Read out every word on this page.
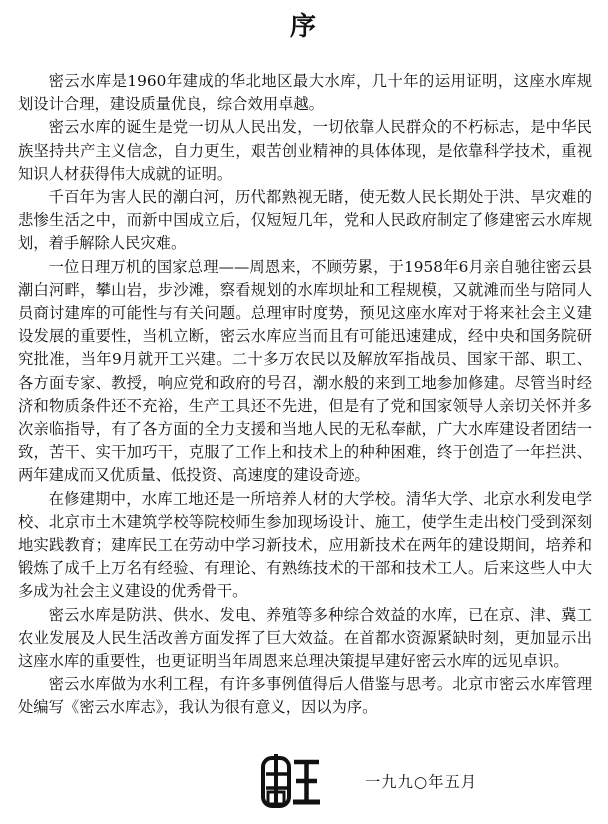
序

密云水库是1960年建成的华北地区最大水库，几十年的运用证明，这座水库规划设计合理，建设质量优良，综合效用卓越。

密云水库的诞生是党一切从人民出发，一切依靠人民群众的不朽标志，是中华民族坚持共产主义信念，自力更生，艰苦创业精神的具体体现，是依靠科学技术，重视知识人材获得伟大成就的证明。

千百年为害人民的潮白河，历代都熟视无睹，使无数人民长期处于洪、旱灾难的悲惨生活之中，而新中国成立后，仅短短几年，党和人民政府制定了修建密云水库规划，着手解除人民灾难。

一位日理万机的国家总理——周恩来，不顾劳累，于1958年6月亲自驰往密云县潮白河畔，攀山岩，步沙滩，察看规划的水库坝址和工程规模，又就滩而坐与陪同人员商讨建库的可能性与有关问题。总理审时度势，预见这座水库对于将来社会主义建设发展的重要性，当机立断，密云水库应当而且有可能迅速建成，经中央和国务院研究批准，当年9月就开工兴建。二十多万农民以及解放军指战员、国家干部、职工、各方面专家、教授，响应党和政府的号召，潮水般的来到工地参加修建。尽管当时经济和物质条件还不充裕，生产工具还不先进，但是有了党和国家领导人亲切关怀并多次亲临指导，有了各方面的全力支援和当地人民的无私奉献，广大水库建设者团结一致，苦干、实干加巧干，克服了工作上和技术上的种种困难，终于创造了一年拦洪、两年建成而又优质量、低投资、高速度的建设奇迹。

在修建期中，水库工地还是一所培养人材的大学校。清华大学、北京水利发电学校、北京市土木建筑学校等院校师生参加现场设计、施工，使学生走出校门受到深刻地实践教育；建库民工在劳动中学习新技术，应用新技术在两年的建设期间，培养和锻炼了成千上万名有经验、有理论、有熟练技术的干部和技术工人。后来这些人中大多成为社会主义建设的优秀骨干。

密云水库是防洪、供水、发电、养殖等多种综合效益的水库，已在京、津、冀工农业发展及人民生活改善方面发挥了巨大效益。在首都水资源紧缺时刻，更加显示出这座水库的重要性，也更证明当年周恩来总理决策提早建好密云水库的远见卓识。

密云水库做为水利工程，有许多事例值得后人借鉴与思考。北京市密云水库管理处编写《密云水库志》，我认为很有意义，因以为序。

一九九○年五月
